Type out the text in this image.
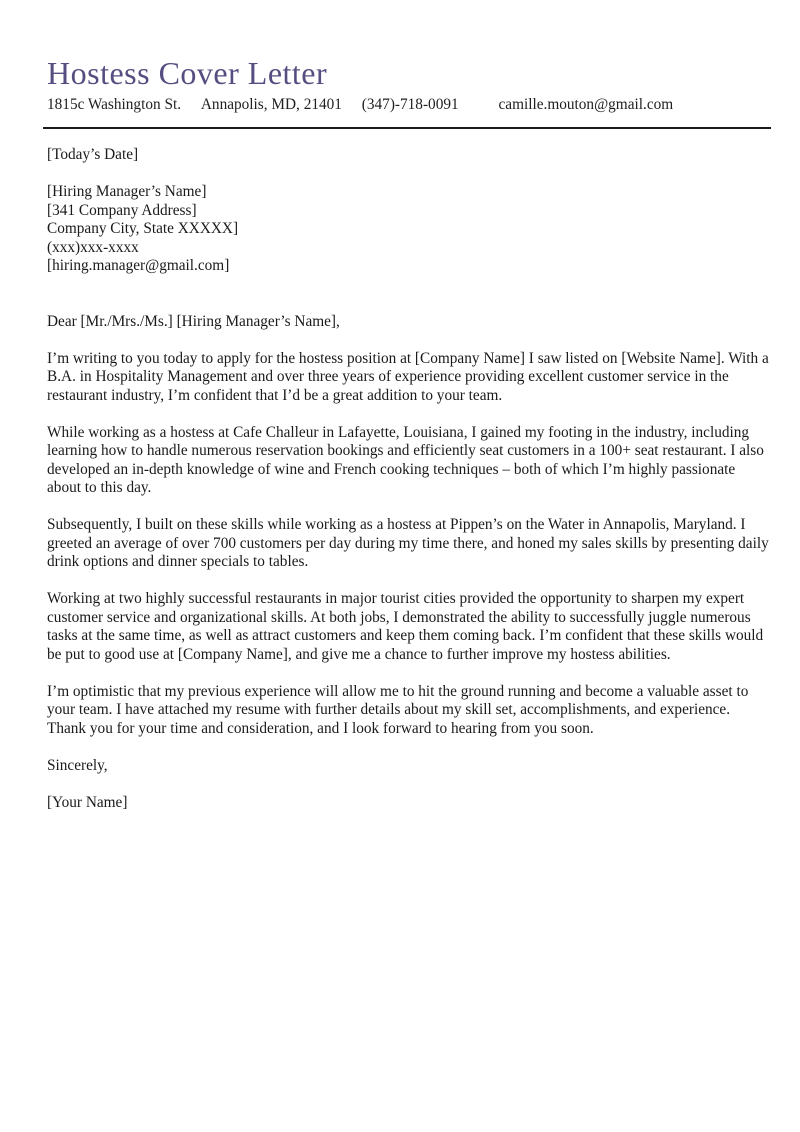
Hostess Cover Letter
1815c Washington St. Annapolis, MD, 21401 (347)-718-0091	camille.mouton@gmail.com
[Today’s Date]
[Hiring Manager’s Name]
[341 Company Address]
Company City, State XXXXX]
(xxx)xxx-xxxx
[hiring.manager@gmail.com]
Dear [Mr./Mrs./Ms.] [Hiring Manager’s Name],

I’m writing to you today to apply for the hostess position at [Company Name] I saw listed on [Website Name]. With a B.A. in Hospitality Management and over three years of experience providing excellent customer service in the restaurant industry, I’m confident that I’d be a great addition to your team.

While working as a hostess at Cafe Challeur in Lafayette, Louisiana, I gained my footing in the industry, including learning how to handle numerous reservation bookings and efficiently seat customers in a 100+ seat restaurant. I also developed an in-depth knowledge of wine and French cooking techniques – both of which I’m highly passionate about to this day.

Subsequently, I built on these skills while working as a hostess at Pippen’s on the Water in Annapolis, Maryland. I greeted an average of over 700 customers per day during my time there, and honed my sales skills by presenting daily drink options and dinner specials to tables.

Working at two highly successful restaurants in major tourist cities provided the opportunity to sharpen my expert customer service and organizational skills. At both jobs, I demonstrated the ability to successfully juggle numerous tasks at the same time, as well as attract customers and keep them coming back. I’m confident that these skills would be put to good use at [Company Name], and give me a chance to further improve my hostess abilities.

I’m optimistic that my previous experience will allow me to hit the ground running and become a valuable asset to your team. I have attached my resume with further details about my skill set, accomplishments, and experience. Thank you for your time and consideration, and I look forward to hearing from you soon.

Sincerely,
[Your Name]
